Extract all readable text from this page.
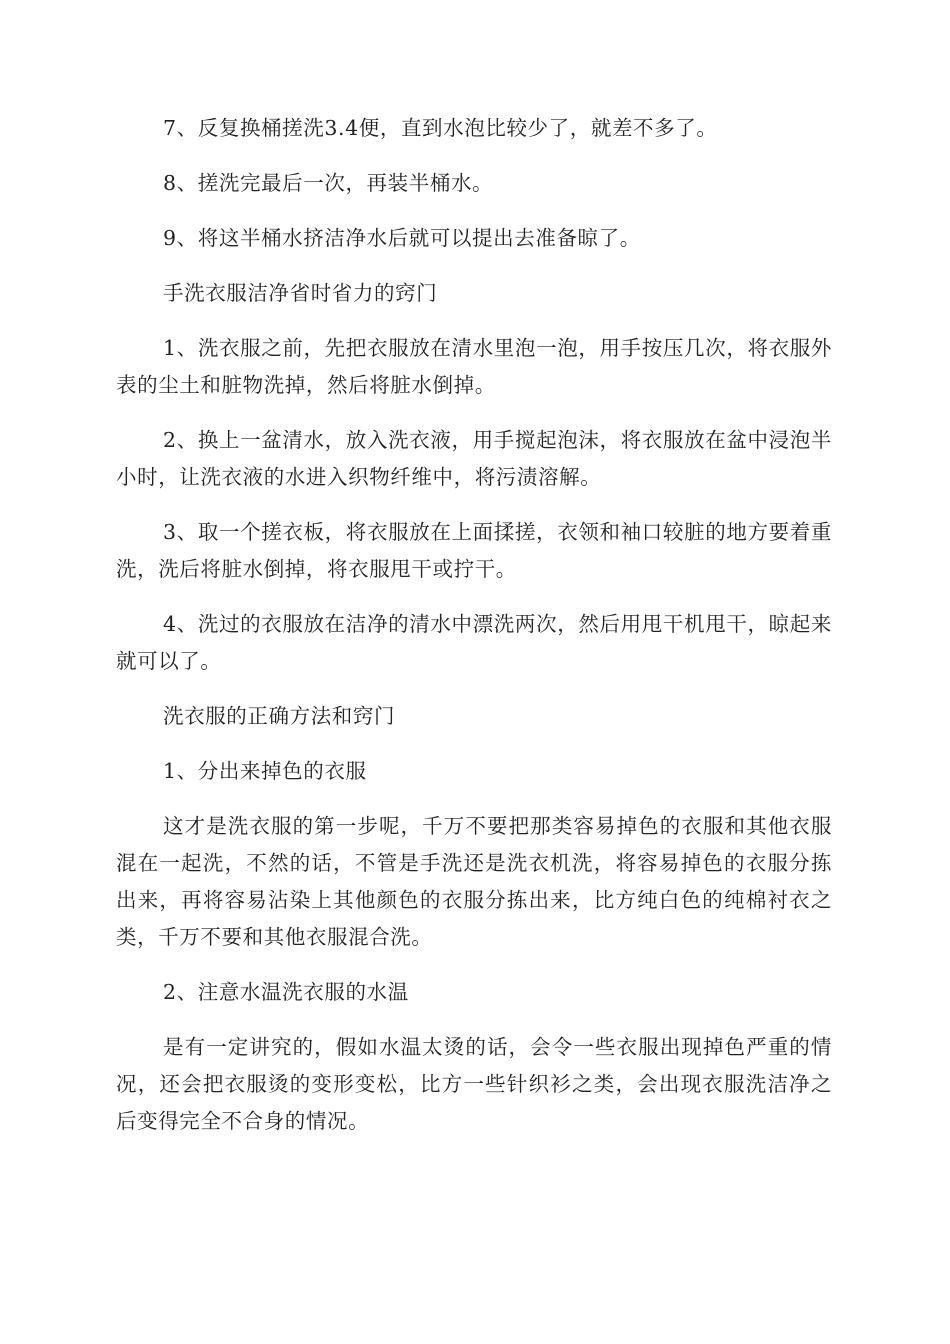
7、反复换桶搓洗3.4便，直到水泡比较少了，就差不多了。

8、搓洗完最后一次，再装半桶水。

9、将这半桶水挤洁净水后就可以提出去准备晾了。

手洗衣服洁净省时省力的窍门

1、洗衣服之前，先把衣服放在清水里泡一泡，用手按压几次，将衣服外表的尘土和脏物洗掉，然后将脏水倒掉。

2、换上一盆清水，放入洗衣液，用手搅起泡沫，将衣服放在盆中浸泡半小时，让洗衣液的水进入织物纤维中，将污渍溶解。

3、取一个搓衣板，将衣服放在上面揉搓，衣领和袖口较脏的地方要着重洗，洗后将脏水倒掉，将衣服甩干或拧干。

4、洗过的衣服放在洁净的清水中漂洗两次，然后用甩干机甩干，晾起来就可以了。

洗衣服的正确方法和窍门

1、分出来掉色的衣服

这才是洗衣服的第一步呢，千万不要把那类容易掉色的衣服和其他衣服混在一起洗，不然的话，不管是手洗还是洗衣机洗，将容易掉色的衣服分拣出来，再将容易沾染上其他颜色的衣服分拣出来，比方纯白色的纯棉衬衣之类，千万不要和其他衣服混合洗。

2、注意水温洗衣服的水温

是有一定讲究的，假如水温太烫的话，会令一些衣服出现掉色严重的情况，还会把衣服烫的变形变松，比方一些针织衫之类，会出现衣服洗洁净之后变得完全不合身的情况。
